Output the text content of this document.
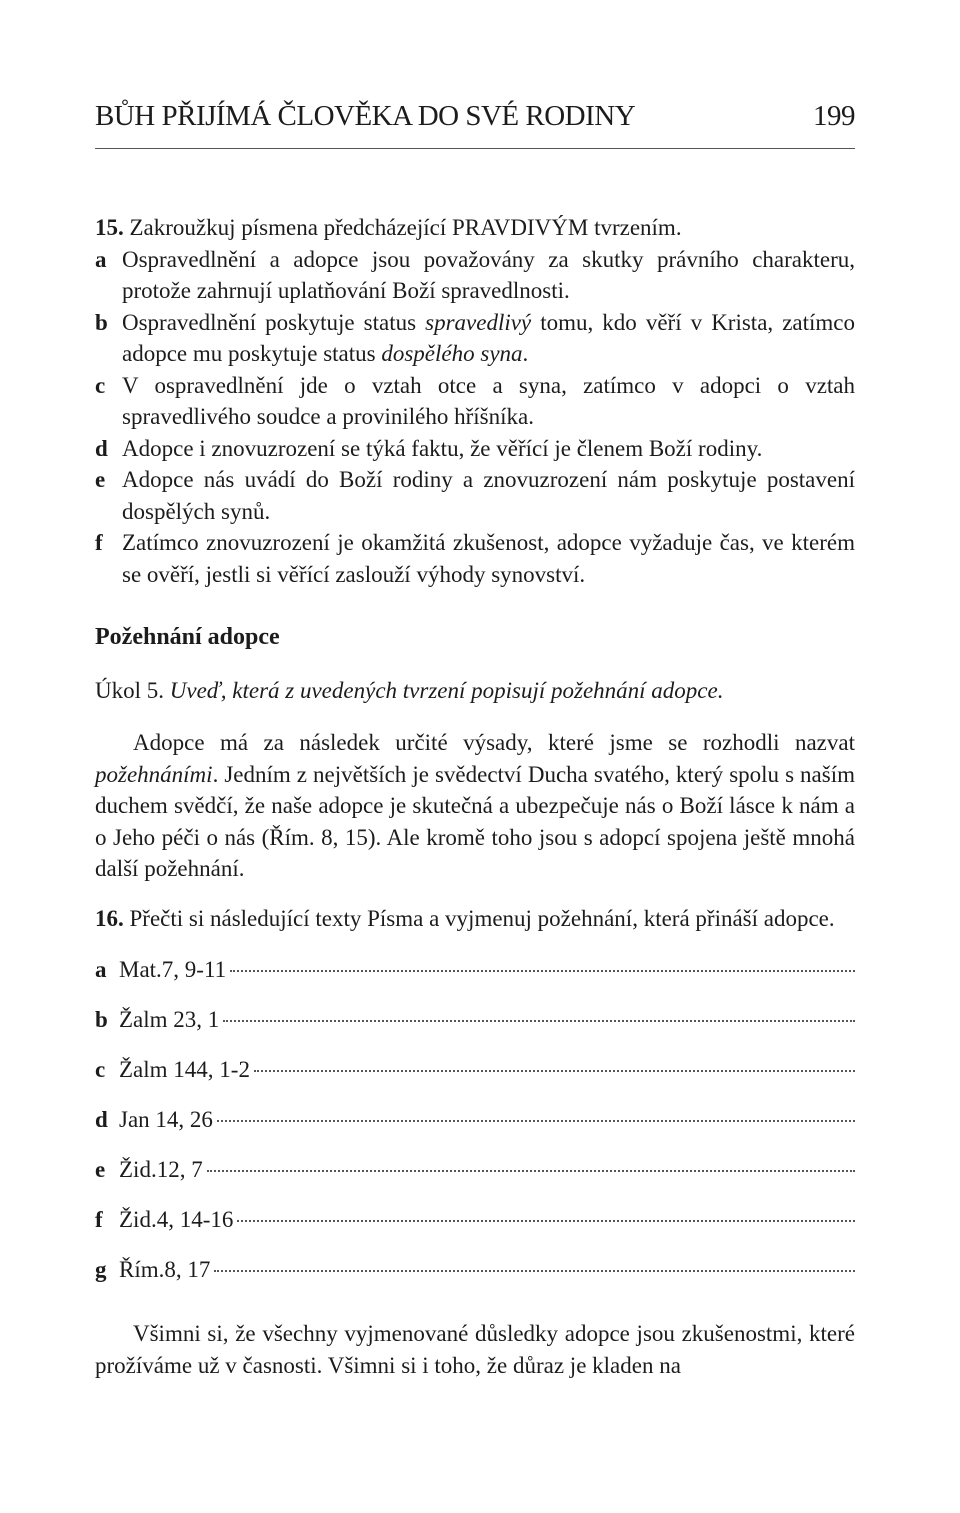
BŮH PŘIJÍMÁ ČLOVĚKA DO SVÉ RODINY	199

15. Zakroužkuj písmena předcházející PRAVDIVÝM tvrzením.

a Ospravedlnění a adopce jsou považovány za skutky právního charakteru, protože zahrnují uplatňování Boží spravedlnosti.

b Ospravedlnění poskytuje status spravedlivý tomu, kdo věří v Krista, zatímco adopce mu poskytuje status dospělého syna.

c V ospravedlnění jde o vztah otce a syna, zatímco v adopci o vztah spravedlivého soudce a provinilého hříšníka.

d Adopce i znovuzrození se týká faktu, že věřící je členem Boží rodiny.

e Adopce nás uvádí do Boží rodiny a znovuzrození nám poskytuje postavení dospělých synů.

f Zatímco znovuzrození je okamžitá zkušenost, adopce vyžaduje čas, ve kterém se ověří, jestli si věřící zaslouží výhody synovství.

Požehnání adopce

Úkol 5. Uveď, která z uvedených tvrzení popisují požehnání adopce.

Adopce má za následek určité výsady, které jsme se rozhodli nazvat požehnáními. Jedním z největších je svědectví Ducha svatého, který spolu s naším duchem svědčí, že naše adopce je skutečná a ubezpečuje nás o Boží lásce k nám a o Jeho péči o nás (Řím. 8, 15). Ale kromě toho jsou s adopcí spojena ještě mnohá další požehnání.

16. Přečti si následující texty Písma a vyjmenuj požehnání, která přináší adopce.

a Mat.7, 9-11
b Žalm 23, 1
c Žalm 144, 1-2
d Jan 14, 26
e Žid.12, 7
f Žid.4, 14-16
g Řím.8, 17

Všimni si, že všechny vyjmenované důsledky adopce jsou zkušenostmi, které prožíváme už v časnosti. Všimni si i toho, že důraz je kladen na
